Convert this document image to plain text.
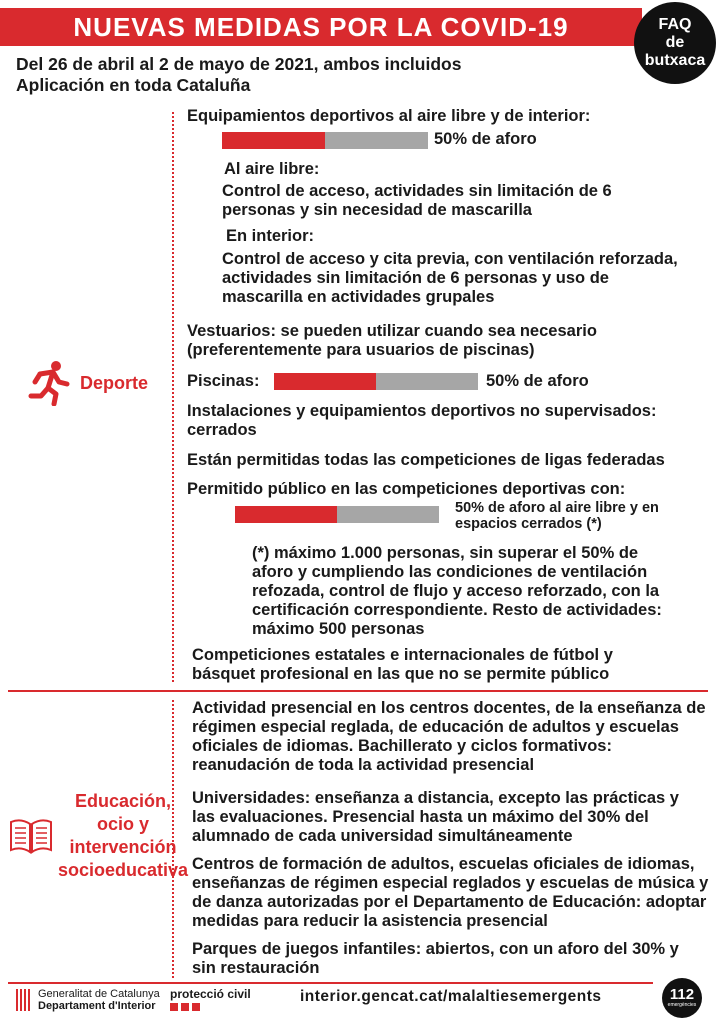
NUEVAS MEDIDAS POR LA COVID-19	FAQ
de
butxaca
Del 26 de abril al 2 de mayo de 2021, ambos incluidos
Aplicación en toda Cataluña
Deporte
Equipamientos deportivos al aire libre y de interior:
50% de aforo
Al aire libre:
Control de acceso, actividades sin limitación de 6 personas y sin necesidad de mascarilla
En interior:
Control de acceso y cita previa, con ventilación reforzada, actividades sin limitación de 6 personas y uso de mascarilla en actividades grupales
Vestuarios: se pueden utilizar cuando sea necesario (preferentemente para usuarios de piscinas)
Piscinas:	50% de aforo
Instalaciones y equipamientos deportivos no supervisados: cerrados
Están permitidas todas las competiciones de ligas federadas
Permitido público en las competiciones deportivas con:
50% de aforo al aire libre y en espacios cerrados (*)
(*) máximo 1.000 personas, sin superar el 50% de aforo y cumpliendo las condiciones de ventilación refozada, control de flujo y acceso reforzado, con la certificación correspondiente. Resto de actividades: máximo 500 personas
Competiciones estatales e internacionales de fútbol y básquet profesional en las que no se permite público
Educación,
ocio y
intervención
socioeducativa
Actividad presencial en los centros docentes, de la enseñanza de régimen especial reglada, de educación de adultos y escuelas oficiales de idiomas. Bachillerato y ciclos formativos: reanudación de toda la actividad presencial
Universidades: enseñanza a distancia, excepto las prácticas y las evaluaciones. Presencial hasta un máximo del 30% del alumnado de cada universidad simultáneamente
Centros de formación de adultos, escuelas oficiales de idiomas, enseñanzas de régimen especial reglados y escuelas de música y de danza autorizadas por el Departamento de Educación: adoptar medidas para reducir la asistencia presencial
Parques de juegos infantiles: abiertos, con un aforo del 30% y sin restauración
Generalitat de Catalunya
Departament d'Interior
protecció civil	interior.gencat.cat/malaltiesemergents	112
emergències
